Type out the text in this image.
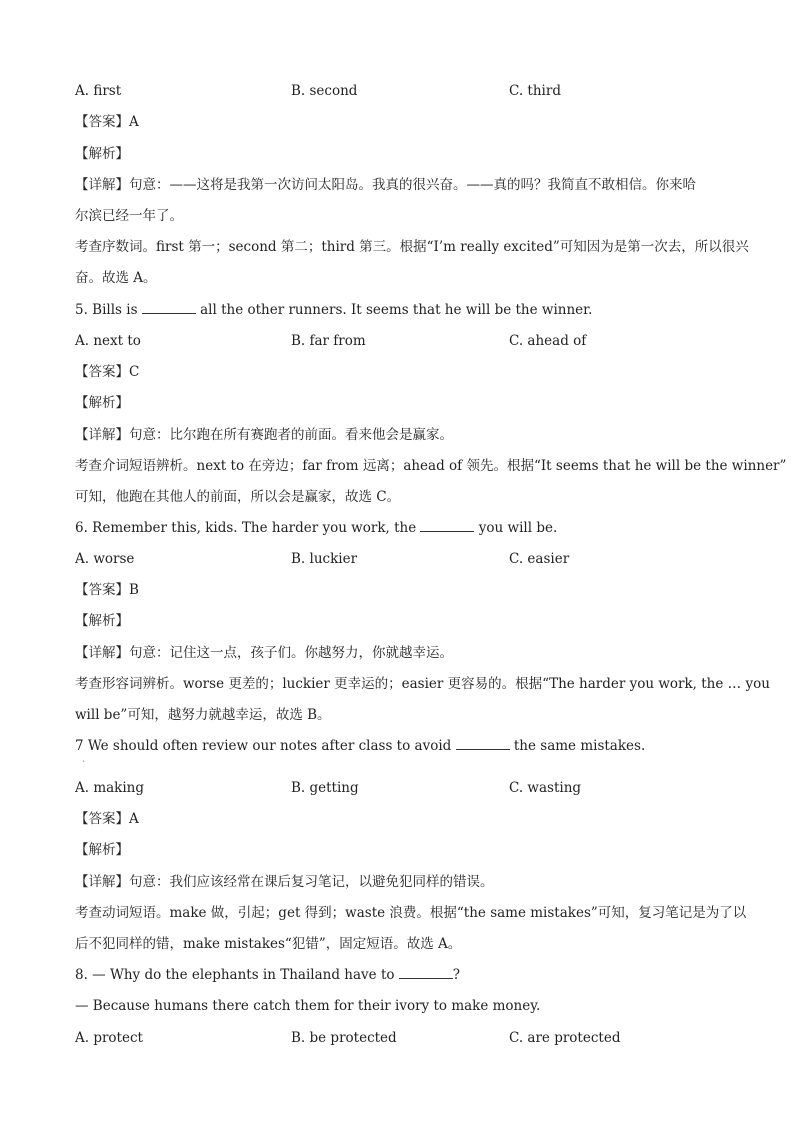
A. first	B. second	C. third
【答案】A
【解析】
【详解】句意：——这将是我第一次访问太阳岛。我真的很兴奋。——真的吗？我简直不敢相信。你来哈
尔滨已经一年了。
考查序数词。first 第一；second 第二；third 第三。根据“I’m really excited”可知因为是第一次去，所以很兴
奋。故选 A。
5. Bills is	all the other runners. It seems that he will be the winner.
A. next to	B. far from	C. ahead of
【答案】C
【解析】
【详解】句意：比尔跑在所有赛跑者的前面。看来他会是赢家。
考查介词短语辨析。next to 在旁边；far from 远离；ahead of 领先。根据“It seems that he will be the winner”
可知，他跑在其他人的前面，所以会是赢家，故选 C。
6. Remember this, kids. The harder you work, the	you will be.
A. worse	B. luckier	C. easier
【答案】B
【解析】
【详解】句意：记住这一点，孩子们。你越努力，你就越幸运。
考查形容词辨析。worse 更差的；luckier 更幸运的；easier 更容易的。根据“The harder you work, the … you
will be”可知，越努力就越幸运，故选 B。
7 We should often review our notes after class to avoid	the same mistakes.
ˋ
A. making	B. getting	C. wasting
【答案】A
【解析】
【详解】句意：我们应该经常在课后复习笔记，以避免犯同样的错误。
考查动词短语。make 做，引起；get 得到；waste 浪费。根据“the same mistakes”可知，复习笔记是为了以
后不犯同样的错，make mistakes“犯错”，固定短语。故选 A。
8. — Why do the elephants in Thailand have to	?
— Because humans there catch them for their ivory to make money.
A. protect	B. be protected	C. are protected
